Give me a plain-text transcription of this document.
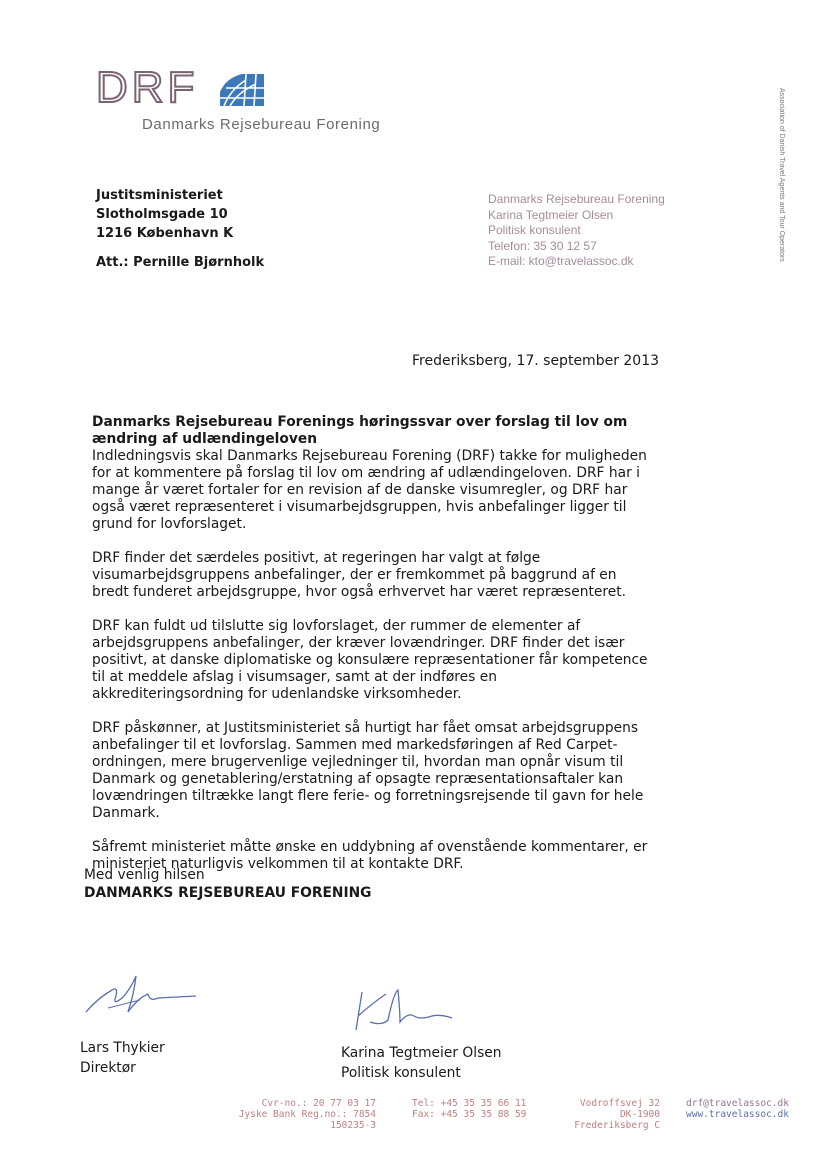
DRF
Danmarks Rejsebureau Forening	Association of Danish Travel Agents and Tour Operators
Justitsministeriet
Slotholmsgade 10
1216 København K
Att.: Pernille Bjørnholk
Danmarks Rejsebureau Forening
Karina Tegtmeier Olsen
Politisk konsulent
Telefon: 35 30 12 57
E-mail: kto@travelassoc.dk
Frederiksberg, 17. september 2013
Danmarks Rejsebureau Forenings høringssvar over forslag til lov om ændring af udlændingeloven

Indledningsvis skal Danmarks Rejsebureau Forening (DRF) takke for muligheden for at kommentere på forslag til lov om ændring af udlændingeloven. DRF har i mange år været fortaler for en revision af de danske visumregler, og DRF har også været repræsenteret i visumarbejdsgruppen, hvis anbefalinger ligger til grund for lovforslaget.

DRF finder det særdeles positivt, at regeringen har valgt at følge visumarbejdsgruppens anbefalinger, der er fremkommet på baggrund af en bredt funderet arbejdsgruppe, hvor også erhvervet har været repræsenteret.

DRF kan fuldt ud tilslutte sig lovforslaget, der rummer de elementer af arbejdsgruppens anbefalinger, der kræver lovændringer. DRF finder det især positivt, at danske diplomatiske og konsulære repræsentationer får kompetence til at meddele afslag i visumsager, samt at der indføres en akkrediteringsordning for udenlandske virksomheder.

DRF påskønner, at Justitsministeriet så hurtigt har fået omsat arbejdsgruppens anbefalinger til et lovforslag. Sammen med markedsføringen af Red Carpet-ordningen, mere brugervenlige vejledninger til, hvordan man opnår visum til Danmark og genetablering/erstatning af opsagte repræsentationsaftaler kan lovændringen tiltrække langt flere ferie- og forretningsrejsende til gavn for hele Danmark.

Såfremt ministeriet måtte ønske en uddybning af ovenstående kommentarer, er ministeriet naturligvis velkommen til at kontakte DRF.

Med venlig hilsen
DANMARKS REJSEBUREAU FORENING
Lars Thykier
Direktør
Karina Tegtmeier Olsen
Politisk konsulent
Cvr-no.: 20 77 03 17
Jyske Bank Reg.no.: 7854 150235-3
Tel: +45 35 35 66 11
Fax: +45 35 35 88 59
Vodroffsvej 32
DK-1900 Frederiksberg C
drf@travelassoc.dk
www.travelassoc.dk
